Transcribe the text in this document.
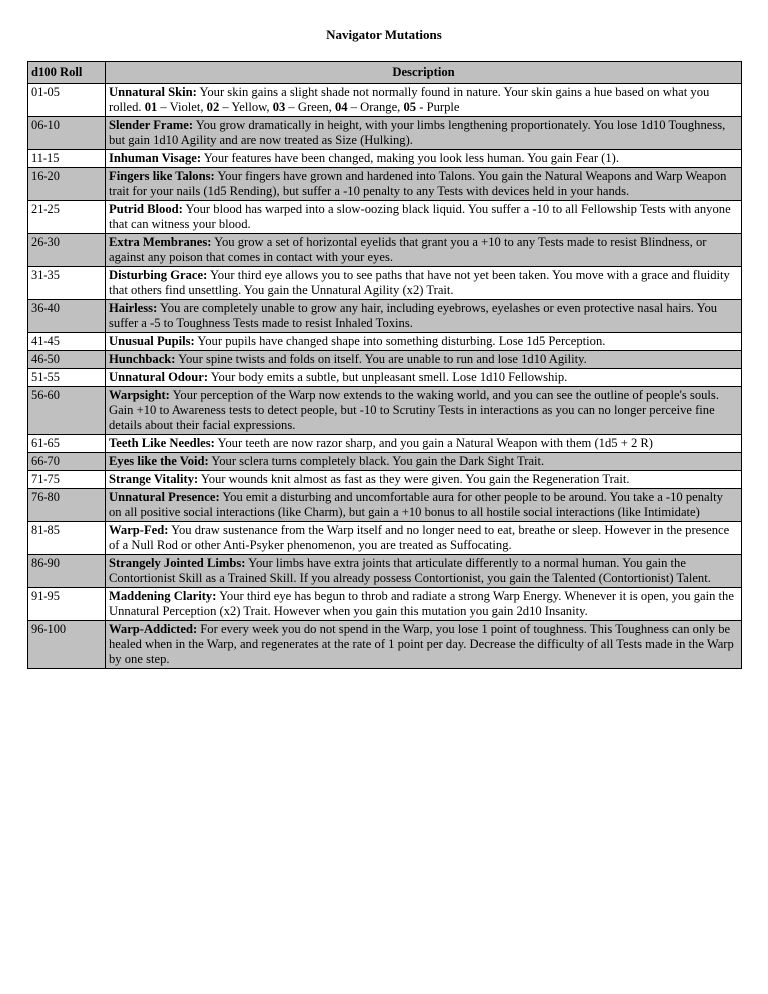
Navigator Mutations
d100 Roll	Description
01-05	Unnatural Skin: Your skin gains a slight shade not normally found in nature. Your skin gains a hue based on what you rolled. 01 – Violet, 02 – Yellow, 03 – Green, 04 – Orange, 05 - Purple
06-10	Slender Frame: You grow dramatically in height, with your limbs lengthening proportionately. You lose 1d10 Toughness, but gain 1d10 Agility and are now treated as Size (Hulking).
11-15	Inhuman Visage: Your features have been changed, making you look less human. You gain Fear (1).
16-20	Fingers like Talons: Your fingers have grown and hardened into Talons. You gain the Natural Weapons and Warp Weapon trait for your nails (1d5 Rending), but suffer a -10 penalty to any Tests with devices held in your hands.
21-25	Putrid Blood: Your blood has warped into a slow-oozing black liquid. You suffer a -10 to all Fellowship Tests with anyone that can witness your blood.
26-30	Extra Membranes: You grow a set of horizontal eyelids that grant you a +10 to any Tests made to resist Blindness, or against any poison that comes in contact with your eyes.
31-35	Disturbing Grace: Your third eye allows you to see paths that have not yet been taken. You move with a grace and fluidity that others find unsettling. You gain the Unnatural Agility (x2) Trait.
36-40	Hairless: You are completely unable to grow any hair, including eyebrows, eyelashes or even protective nasal hairs. You suffer a -5 to Toughness Tests made to resist Inhaled Toxins.
41-45	Unusual Pupils: Your pupils have changed shape into something disturbing. Lose 1d5 Perception.
46-50	Hunchback: Your spine twists and folds on itself. You are unable to run and lose 1d10 Agility.
51-55	Unnatural Odour: Your body emits a subtle, but unpleasant smell. Lose 1d10 Fellowship.
56-60	Warpsight: Your perception of the Warp now extends to the waking world, and you can see the outline of people's souls. Gain +10 to Awareness tests to detect people, but -10 to Scrutiny Tests in interactions as you can no longer perceive fine details about their facial expressions.
61-65	Teeth Like Needles: Your teeth are now razor sharp, and you gain a Natural Weapon with them (1d5 + 2 R)
66-70	Eyes like the Void: Your sclera turns completely black. You gain the Dark Sight Trait.
71-75	Strange Vitality: Your wounds knit almost as fast as they were given. You gain the Regeneration Trait.
76-80	Unnatural Presence: You emit a disturbing and uncomfortable aura for other people to be around. You take a -10 penalty on all positive social interactions (like Charm), but gain a +10 bonus to all hostile social interactions (like Intimidate)
81-85	Warp-Fed: You draw sustenance from the Warp itself and no longer need to eat, breathe or sleep. However in the presence of a Null Rod or other Anti-Psyker phenomenon, you are treated as Suffocating.
86-90	Strangely Jointed Limbs: Your limbs have extra joints that articulate differently to a normal human. You gain the Contortionist Skill as a Trained Skill. If you already possess Contortionist, you gain the Talented (Contortionist) Talent.
91-95	Maddening Clarity: Your third eye has begun to throb and radiate a strong Warp Energy. Whenever it is open, you gain the Unnatural Perception (x2) Trait. However when you gain this mutation you gain 2d10 Insanity.
96-100	Warp-Addicted: For every week you do not spend in the Warp, you lose 1 point of toughness. This Toughness can only be healed when in the Warp, and regenerates at the rate of 1 point per day. Decrease the difficulty of all Tests made in the Warp by one step.
